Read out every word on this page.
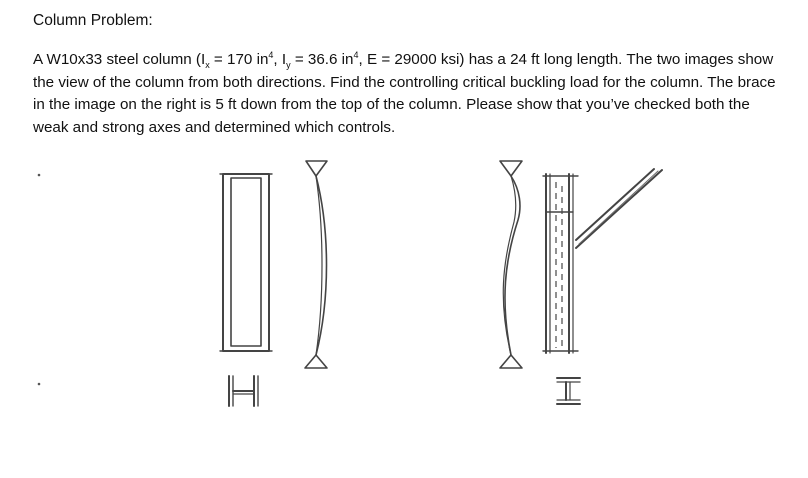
Column Problem:
A W10x33 steel column ($I_x = 170$ $in^4$, $I_y = 36.6$ $in^4$, E = 29000 ksi) has a 24 ft long length. The two images show the view of the column from both directions. Find the controlling critical buckling load for the column. The brace in the image on the right is 5 ft down from the top of the column. Please show that you’ve checked both the weak and strong axes and determined which controls.
